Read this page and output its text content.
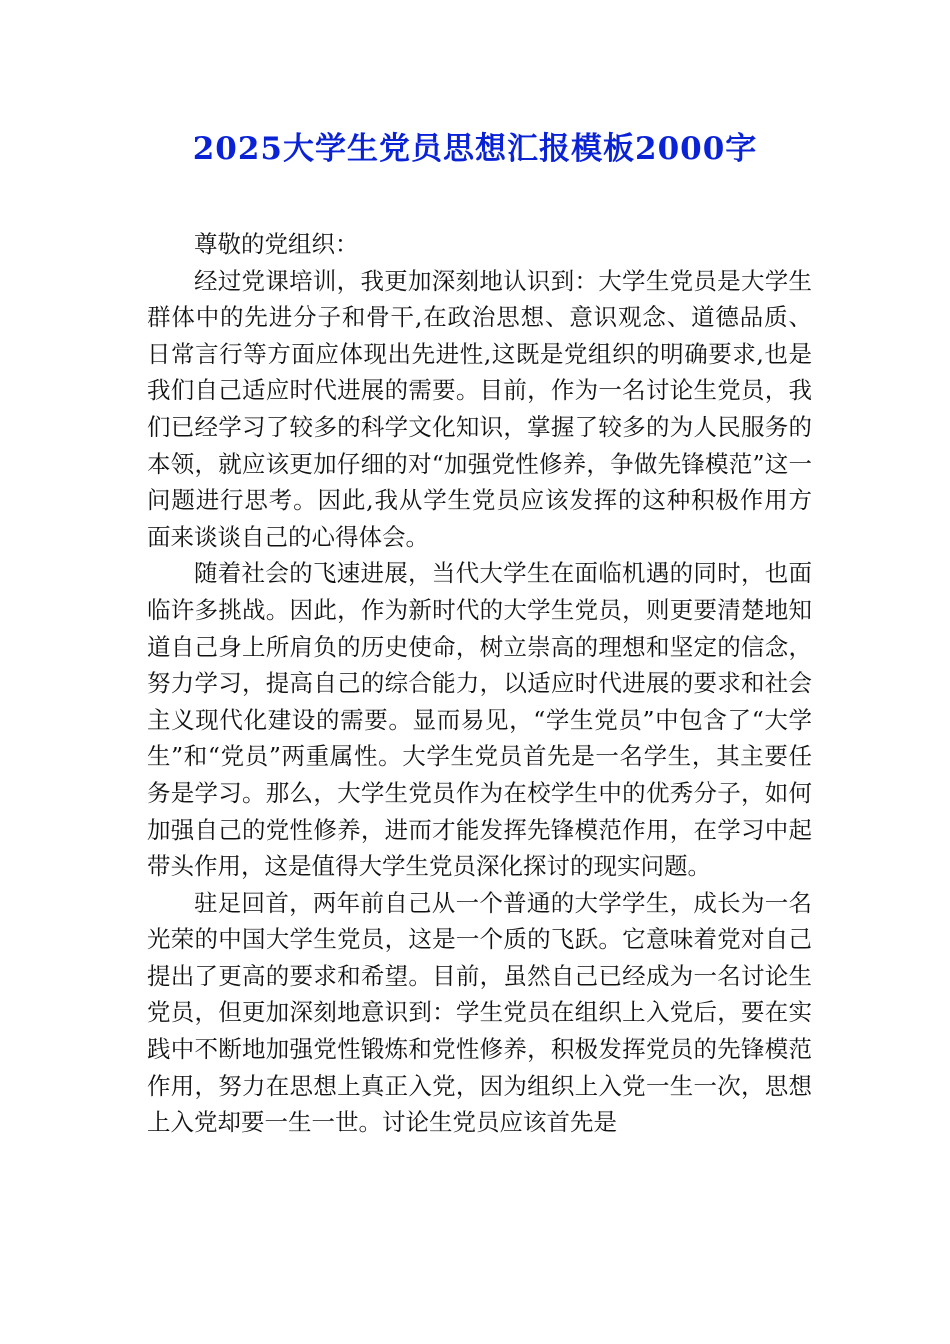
2025大学生党员思想汇报模板2000字

尊敬的党组织：

经过党课培训，我更加深刻地认识到：大学生党员是大学生群体中的先进分子和骨干,在政治思想、意识观念、道德品质、日常言行等方面应体现出先进性,这既是党组织的明确要求,也是我们自己适应时代进展的需要。目前，作为一名讨论生党员，我们已经学习了较多的科学文化知识，掌握了较多的为人民服务的本领，就应该更加仔细的对“加强党性修养，争做先锋模范”这一问题进行思考。因此,我从学生党员应该发挥的这种积极作用方面来谈谈自己的心得体会。

随着社会的飞速进展，当代大学生在面临机遇的同时，也面临许多挑战。因此，作为新时代的大学生党员，则更要清楚地知道自己身上所肩负的历史使命，树立崇高的理想和坚定的信念，努力学习，提高自己的综合能力，以适应时代进展的要求和社会主义现代化建设的需要。显而易见，“学生党员”中包含了“大学生”和“党员”两重属性。大学生党员首先是一名学生，其主要任务是学习。那么，大学生党员作为在校学生中的优秀分子，如何加强自己的党性修养，进而才能发挥先锋模范作用，在学习中起带头作用，这是值得大学生党员深化探讨的现实问题。

驻足回首，两年前自己从一个普通的大学学生，成长为一名光荣的中国大学生党员，这是一个质的飞跃。它意味着党对自己提出了更高的要求和希望。目前，虽然自己已经成为一名讨论生党员，但更加深刻地意识到：学生党员在组织上入党后，要在实践中不断地加强党性锻炼和党性修养，积极发挥党员的先锋模范作用，努力在思想上真正入党，因为组织上入党一生一次，思想上入党却要一生一世。讨论生党员应该首先是
